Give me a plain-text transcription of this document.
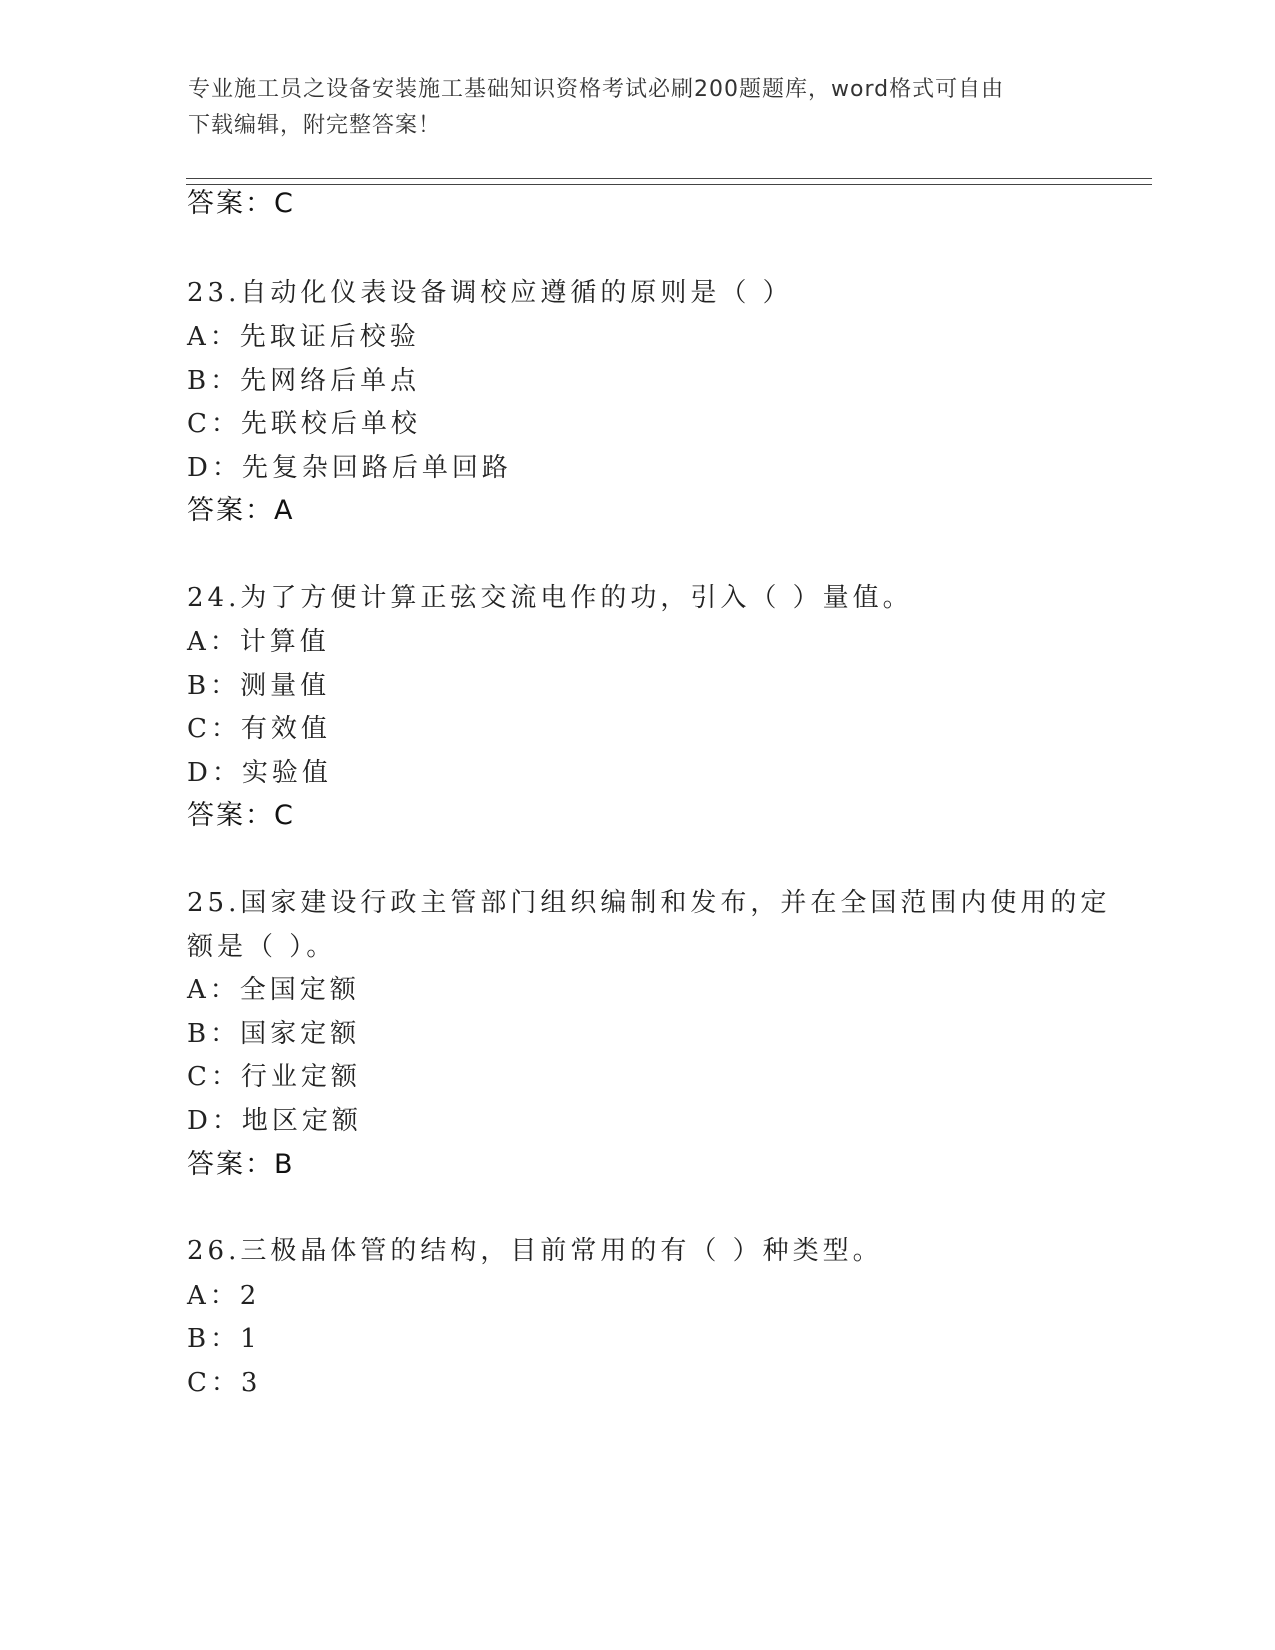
专业施工员之设备安装施工基础知识资格考试必刷200题题库，word格式可自由
下载编辑，附完整答案！
答案：C
23.自动化仪表设备调校应遵循的原则是（ ）
A：先取证后校验
B：先网络后单点
C：先联校后单校
D：先复杂回路后单回路
答案：A
24.为了方便计算正弦交流电作的功，引入（ ）量值。
A：计算值
B：测量值
C：有效值
D：实验值
答案：C
25.国家建设行政主管部门组织编制和发布，并在全国范围内使用的定
额是（ ）。
A：全国定额
B：国家定额
C：行业定额
D：地区定额
答案：B
26.三极晶体管的结构，目前常用的有（ ）种类型。
A：2
B：1
C：3
